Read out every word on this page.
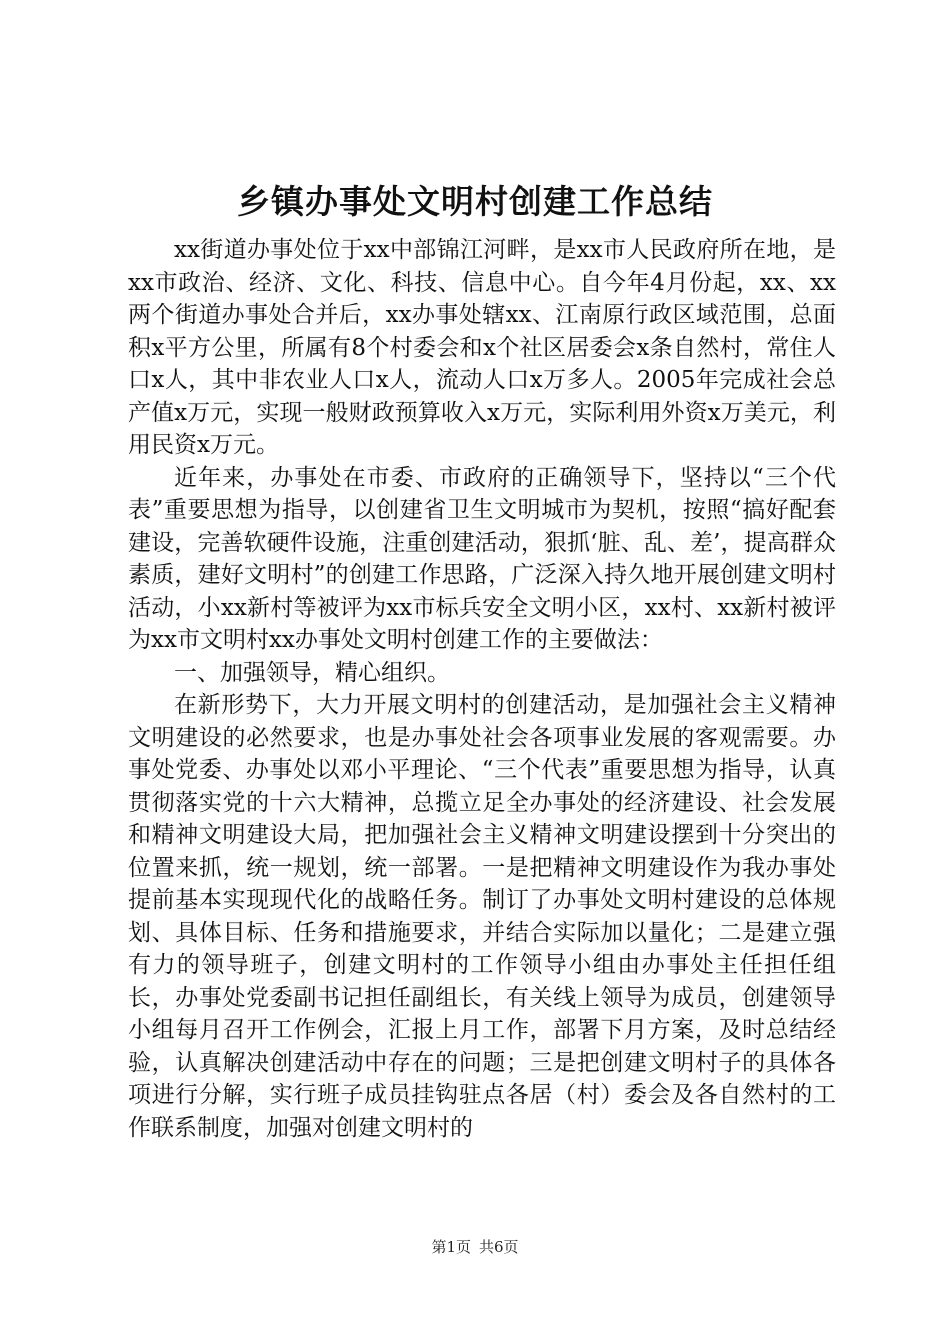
乡镇办事处文明村创建工作总结

xx街道办事处位于xx中部锦江河畔，是xx市人民政府所在地，是xx市政治、经济、文化、科技、信息中心。自今年4月份起，xx、xx两个街道办事处合并后，xx办事处辖xx、江南原行政区域范围，总面积x平方公里，所属有8个村委会和x个社区居委会x条自然村，常住人口x人，其中非农业人口x人，流动人口x万多人。2005年完成社会总产值x万元，实现一般财政预算收入x万元，实际利用外资x万美元，利用民资x万元。

近年来，办事处在市委、市政府的正确领导下，坚持以“三个代表”重要思想为指导，以创建省卫生文明城市为契机，按照“搞好配套建设，完善软硬件设施，注重创建活动，狠抓‘脏、乱、差’，提高群众素质，建好文明村”的创建工作思路，广泛深入持久地开展创建文明村活动，小xx新村等被评为xx市标兵安全文明小区，xx村、xx新村被评为xx市文明村xx办事处文明村创建工作的主要做法：

一、加强领导，精心组织。

在新形势下，大力开展文明村的创建活动，是加强社会主义精神文明建设的必然要求，也是办事处社会各项事业发展的客观需要。办事处党委、办事处以邓小平理论、“三个代表”重要思想为指导，认真贯彻落实党的十六大精神，总揽立足全办事处的经济建设、社会发展和精神文明建设大局，把加强社会主义精神文明建设摆到十分突出的位置来抓，统一规划，统一部署。一是把精神文明建设作为我办事处提前基本实现现代化的战略任务。制订了办事处文明村建设的总体规划、具体目标、任务和措施要求，并结合实际加以量化；二是建立强有力的领导班子，创建文明村的工作领导小组由办事处主任担任组长，办事处党委副书记担任副组长，有关线上领导为成员，创建领导小组每月召开工作例会，汇报上月工作，部署下月方案，及时总结经验，认真解决创建活动中存在的问题；三是把创建文明村子的具体各项进行分解，实行班子成员挂钩驻点各居（村）委会及各自然村的工作联系制度，加强对创建文明村的

第1页 共6页
